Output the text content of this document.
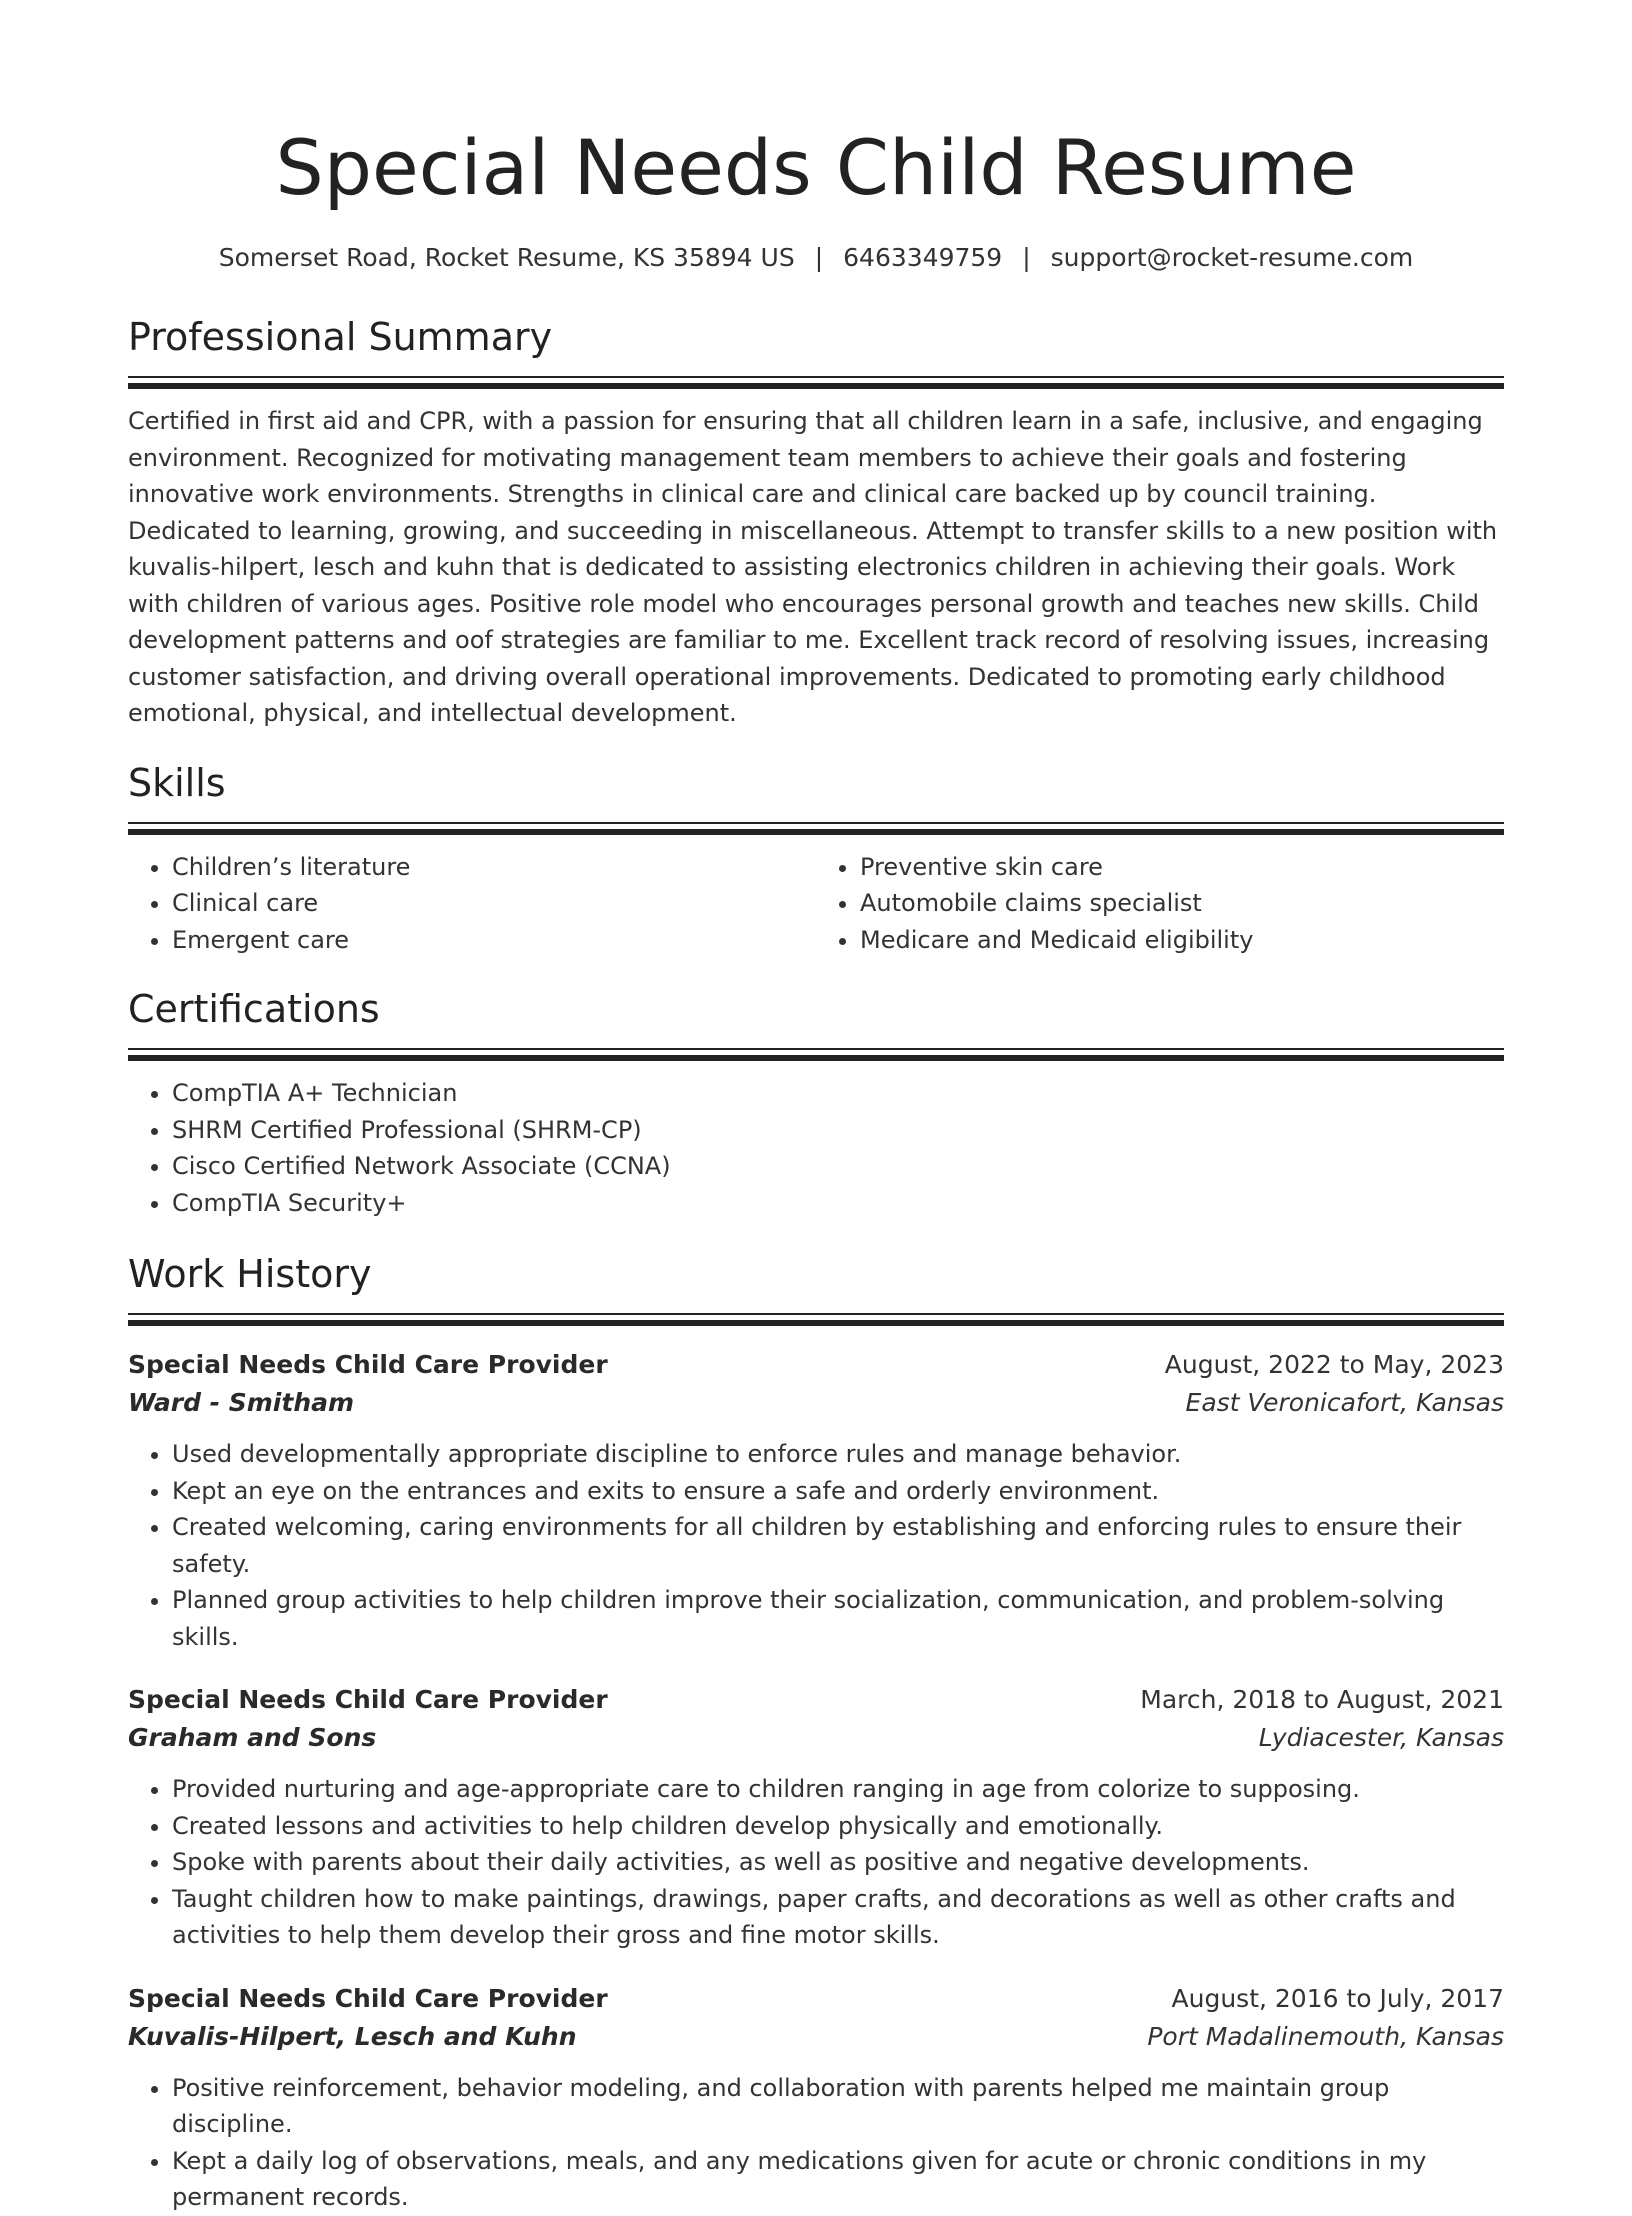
Special Needs Child Resume
Somerset Road, Rocket Resume, KS 35894 US | 6463349759 | support@rocket-resume.com
Professional Summary
Certified in first aid and CPR, with a passion for ensuring that all children learn in a safe, inclusive, and engaging environment. Recognized for motivating management team members to achieve their goals and fostering innovative work environments. Strengths in clinical care and clinical care backed up by council training. Dedicated to learning, growing, and succeeding in miscellaneous. Attempt to transfer skills to a new position with kuvalis-hilpert, lesch and kuhn that is dedicated to assisting electronics children in achieving their goals. Work with children of various ages. Positive role model who encourages personal growth and teaches new skills. Child development patterns and oof strategies are familiar to me. Excellent track record of resolving issues, increasing customer satisfaction, and driving overall operational improvements. Dedicated to promoting early childhood emotional, physical, and intellectual development.
Skills
• Children’s literature
• Clinical care
• Emergent care
• Preventive skin care
• Automobile claims specialist
• Medicare and Medicaid eligibility
Certifications
• CompTIA A+ Technician
• SHRM Certified Professional (SHRM-CP)
• Cisco Certified Network Associate (CCNA)
• CompTIA Security+
Work History
Special Needs Child Care Provider	August, 2022 to May, 2023
Ward - Smitham	East Veronicafort, Kansas
• Used developmentally appropriate discipline to enforce rules and manage behavior.
• Kept an eye on the entrances and exits to ensure a safe and orderly environment.
• Created welcoming, caring environments for all children by establishing and enforcing rules to ensure their safety.
• Planned group activities to help children improve their socialization, communication, and problem-solving skills.
Special Needs Child Care Provider	March, 2018 to August, 2021
Graham and Sons	Lydiacester, Kansas
• Provided nurturing and age-appropriate care to children ranging in age from colorize to supposing.
• Created lessons and activities to help children develop physically and emotionally.
• Spoke with parents about their daily activities, as well as positive and negative developments.
• Taught children how to make paintings, drawings, paper crafts, and decorations as well as other crafts and activities to help them develop their gross and fine motor skills.
Special Needs Child Care Provider	August, 2016 to July, 2017
Kuvalis-Hilpert, Lesch and Kuhn	Port Madalinemouth, Kansas
• Positive reinforcement, behavior modeling, and collaboration with parents helped me maintain group discipline.
• Kept a daily log of observations, meals, and any medications given for acute or chronic conditions in my permanent records.
